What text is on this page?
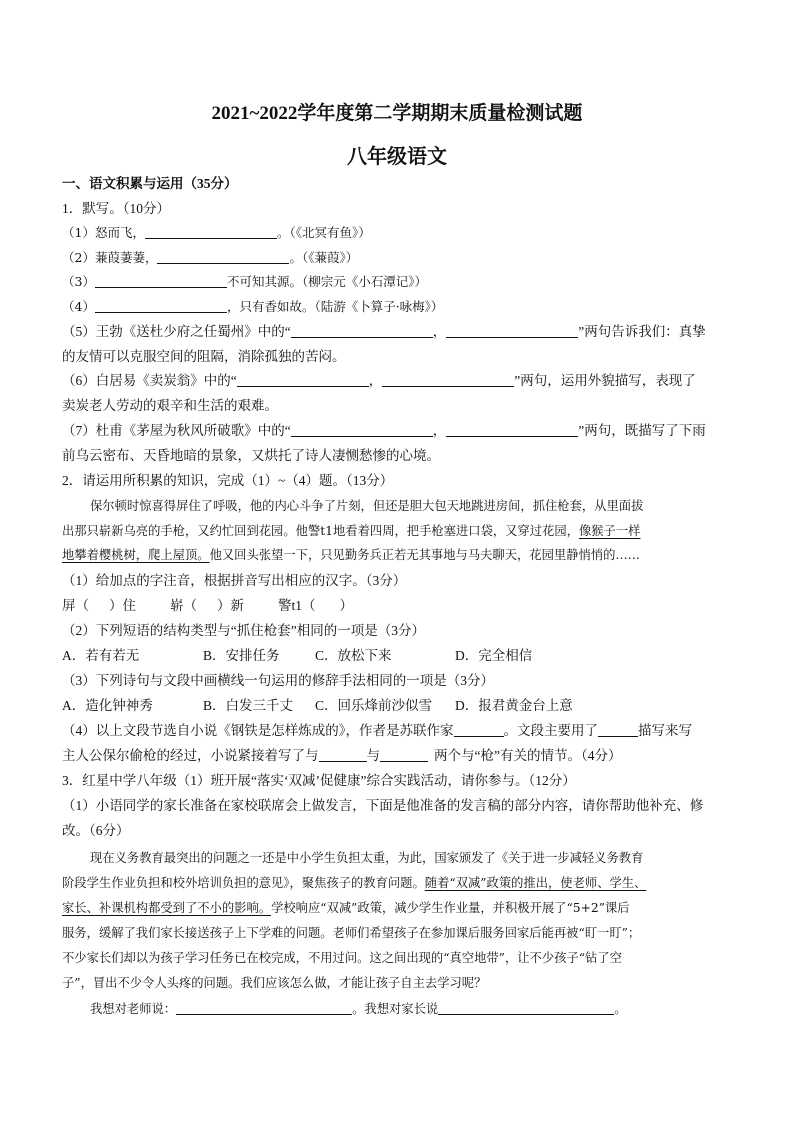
2021~2022学年度第二学期期末质量检测试题
八年级语文
一、语文积累与运用（35分）
1．默写。（10分）
（1）怒而飞，	。（《北冥有鱼》）
（2）蒹葭萋萋，	。（《蒹葭》）
（3）	不可知其源。（柳宗元《小石潭记》）
（4）	，只有香如故。（陆游《卜算子·咏梅》）
（5）王勃《送杜少府之任蜀州》中的“	，	”两句告诉我们：真挚
的友情可以克服空间的阻隔，消除孤独的苦闷。
（6）白居易《卖炭翁》中的“	，	”两句，运用外貌描写，表现了
卖炭老人劳动的艰辛和生活的艰难。
（7）杜甫《茅屋为秋风所破歌》中的“	，	”两句，既描写了下雨
前乌云密布、天昏地暗的景象，又烘托了诗人凄恻愁惨的心境。
2．请运用所积累的知识，完成（1）~（4）题。（13分）
保尔顿时惊喜得屏住了呼吸，他的内心斗争了片刻，但还是胆大包天地跳进房间，抓住枪套，从里面拔
出那只崭新乌亮的手枪，又约忙回到花园。他警t1地看着四周，把手枪塞进口袋，又穿过花园，像猴子一样
地攀着樱桃树，爬上屋顶。他又回头张望一下，只见勤务兵正若无其事地与马夫聊天，花园里静悄悄的……
（1）给加点的字注音，根据拼音写出相应的汉字。（3分）
屏（ ）住	崭（ ）新	警t1（ ）
（2）下列短语的结构类型与“抓住枪套”相同的一项是（3分）
A．若有若无	B．安排任务	C．放松下来	D．完全相信
（3）下列诗句与文段中画横线一句运用的修辞手法相同的一项是（3分）
A．造化钟神秀	B．白发三千丈 C．回乐烽前沙似雪 D．报君黄金台上意
（4）以上文段节选自小说《钢铁是怎样炼成的》，作者是苏联作家	。文段主要用了	描写来写
主人公保尔偷枪的经过，小说紧接着写了与	与	两个与“枪”有关的情节。（4分）
3．红星中学八年级（1）班开展“落实‘双减’促健康”综合实践活动，请你参与。（12分）
（1）小语同学的家长准备在家校联席会上做发言，下面是他准备的发言稿的部分内容，请你帮助他补充、修
改。（6分）
现在义务教育最突出的问题之一还是中小学生负担太重，为此，国家颁发了《关于进一步减轻义务教育
阶段学生作业负担和校外培训负担的意见》，聚焦孩子的教育问题。随着“双减”政策的推出，使老师、学生、
家长、补课机构都受到了不小的影响。学校响应“双减”政策，减少学生作业量，并积极开展了“5+2”课后
服务，缓解了我们家长接送孩子上下学难的问题。老师们希望孩子在参加课后服务回家后能再被“盯一盯”；
不少家长们却以为孩子学习任务已在校完成，不用过问。这之间出现的“真空地带”，让不少孩子“钻了空
子”，冒出不少令人头疼的问题。我们应该怎么做，才能让孩子自主去学习呢？
我想对老师说：	。我想对家长说	。
